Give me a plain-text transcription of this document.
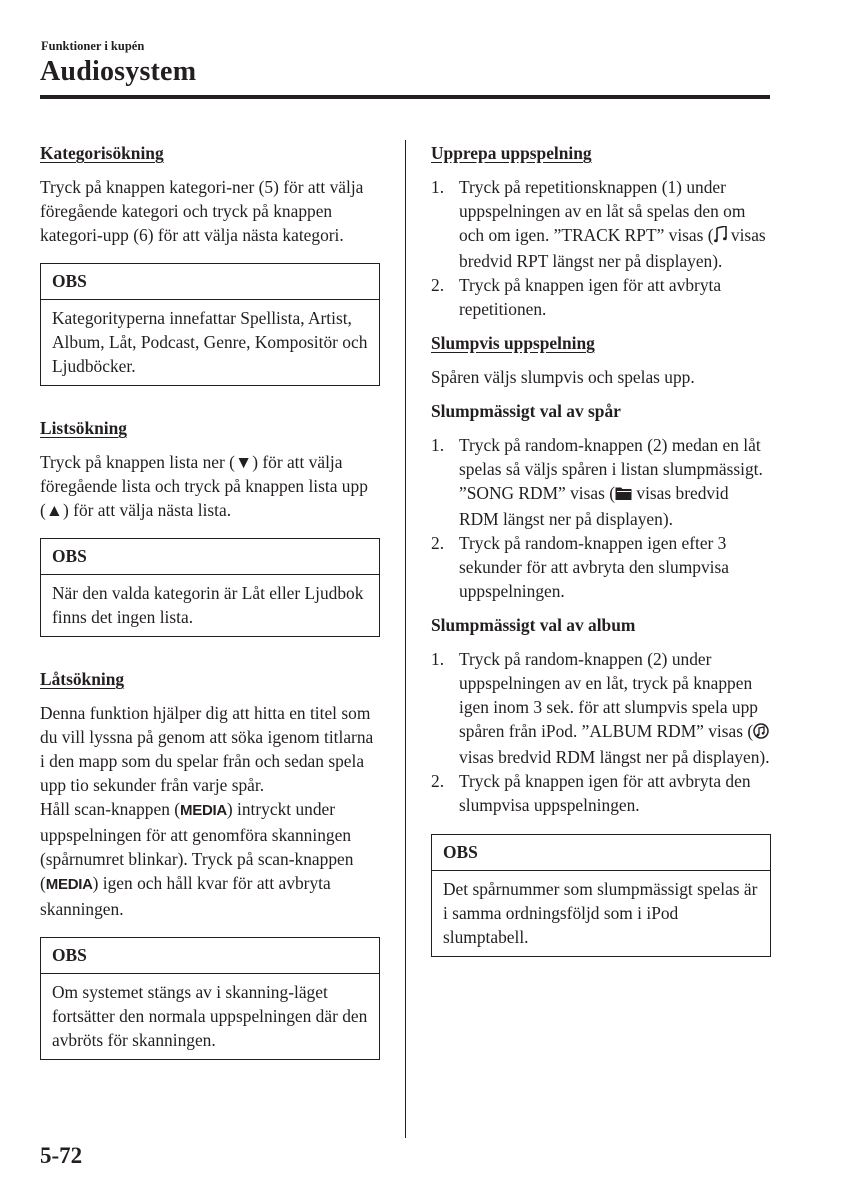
Funktioner i kupén
Audiosystem
Kategorisökning

Tryck på knappen kategori-ner (5) för att välja föregående kategori och tryck på knappen kategori-upp (6) för att välja nästa kategori.

OBS
Kategorityperna innefattar Spellista, Artist, Album, Låt, Podcast, Genre, Kompositör och Ljudböcker.
Listsökning

Tryck på knappen lista ner (▼) för att välja föregående lista och tryck på knappen lista upp (▲) för att välja nästa lista.

OBS
När den valda kategorin är Låt eller Ljudbok finns det ingen lista.
Låtsökning

Denna funktion hjälper dig att hitta en titel som du vill lyssna på genom att söka igenom titlarna i den mapp som du spelar från och sedan spela upp tio sekunder från varje spår.

Håll scan-knappen (MEDIA) intryckt under uppspelningen för att genomföra skanningen (spårnumret blinkar). Tryck på scan-knappen (MEDIA) igen och håll kvar för att avbryta skanningen.

OBS
Om systemet stängs av i skanning-läget fortsätter den normala uppspelningen där den avbröts för skanningen.
Upprepa uppspelning
1. Tryck på repetitionsknappen (1) under uppspelningen av en låt så spelas den om och om igen. ”TRACK RPT” visas ( visas bredvid RPT längst ner på displayen).
2. Tryck på knappen igen för att avbryta repetitionen.
Slumpvis uppspelning

Spåren väljs slumpvis och spelas upp.

Slumpmässigt val av spår
1. Tryck på random-knappen (2) medan en låt spelas så väljs spåren i listan slumpmässigt. ”SONG RDM” visas ( visas bredvid RDM längst ner på displayen).
2. Tryck på random-knappen igen efter 3 sekunder för att avbryta den slumpvisa uppspelningen.
Slumpmässigt val av album
1. Tryck på random-knappen (2) under uppspelningen av en låt, tryck på knappen igen inom 3 sek. för att slumpvis spela upp spåren från iPod. ”ALBUM RDM” visas ( visas bredvid RDM längst ner på displayen).
2. Tryck på knappen igen för att avbryta den slumpvisa uppspelningen.
OBS
Det spårnummer som slumpmässigt spelas är i samma ordningsföljd som i iPod slumptabell.
5-72
